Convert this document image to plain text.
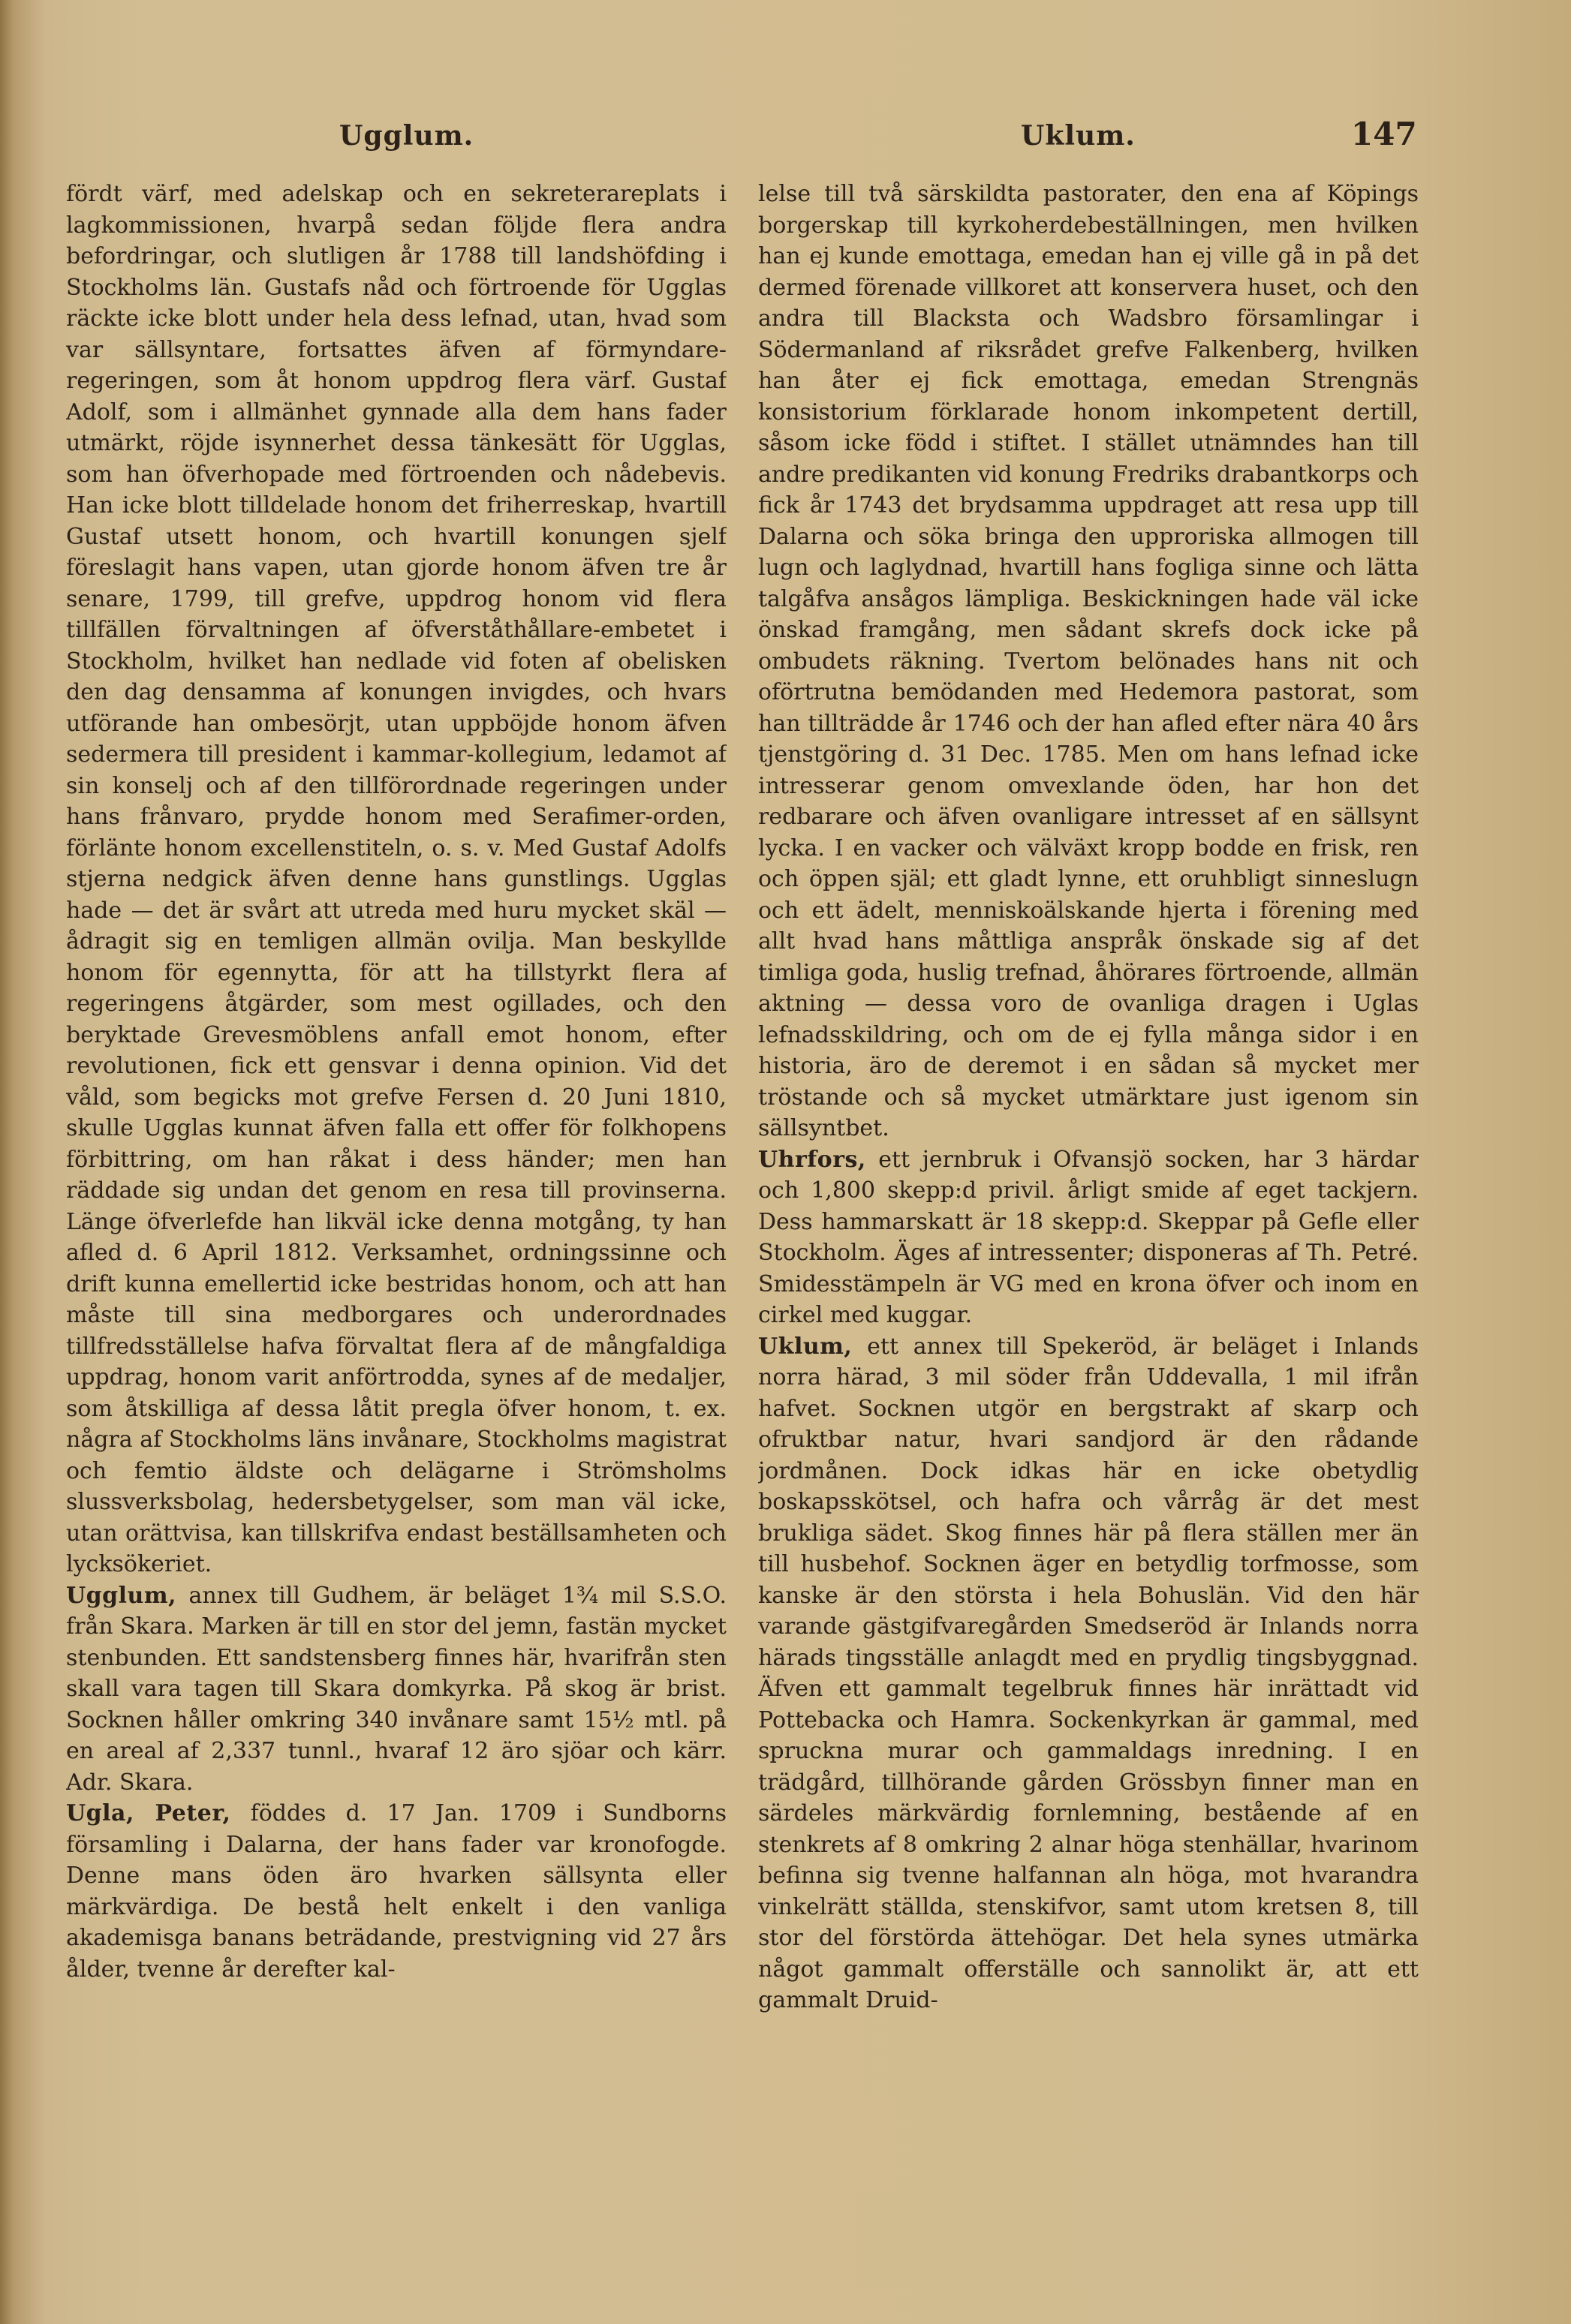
Ugglum.	Uklum.	147

fördt värf, med adelskap och en sekreterareplats i lagkommissionen, hvarpå sedan följde flera andra befordringar, och slutligen år 1788 till landshöfding i Stockholms län. Gustafs nåd och förtroende för Ugglas räckte icke blott under hela dess lefnad, utan, hvad som var sällsyntare, fortsattes äfven af förmyndare-regeringen, som åt honom uppdrog flera värf. Gustaf Adolf, som i allmänhet gynnade alla dem hans fader utmärkt, röjde isynnerhet dessa tänkesätt för Ugglas, som han öfverhopade med förtroenden och nådebevis. Han icke blott tilldelade honom det friherreskap, hvartill Gustaf utsett honom, och hvartill konungen sjelf föreslagit hans vapen, utan gjorde honom äfven tre år senare, 1799, till grefve, uppdrog honom vid flera tillfällen förvaltningen af öfverståthållare-embetet i Stockholm, hvilket han nedlade vid foten af obelisken den dag densamma af konungen invigdes, och hvars utförande han ombesörjt, utan uppböjde honom äfven sedermera till president i kammar-kollegium, ledamot af sin konselj och af den tillförordnade regeringen under hans frånvaro, prydde honom med Serafimer-orden, förlänte honom excellenstiteln, o. s. v. Med Gustaf Adolfs stjerna nedgick äfven denne hans gunstlings. Ugglas hade — det är svårt att utreda med huru mycket skäl — ådragit sig en temligen allmän ovilja. Man beskyllde honom för egennytta, för att ha tillstyrkt flera af regeringens åtgärder, som mest ogillades, och den beryktade Grevesmöblens anfall emot honom, efter revolutionen, fick ett gensvar i denna opinion. Vid det våld, som begicks mot grefve Fersen d. 20 Juni 1810, skulle Ugglas kunnat äfven falla ett offer för folkhopens förbittring, om han råkat i dess händer; men han räddade sig undan det genom en resa till provinserna. Länge öfverlefde han likväl icke denna motgång, ty han afled d. 6 April 1812. Verksamhet, ordningssinne och drift kunna emellertid icke bestridas honom, och att han måste till sina medborgares och underordnades tillfredsställelse hafva förvaltat flera af de mångfaldiga uppdrag, honom varit anförtrodda, synes af de medaljer, som åtskilliga af dessa låtit pregla öfver honom, t. ex. några af Stockholms läns invånare, Stockholms magistrat och femtio äldste och delägarne i Strömsholms slussverksbolag, hedersbetygelser, som man väl icke, utan orättvisa, kan tillskrifva endast beställsamheten och lycksökeriet.

Ugglum, annex till Gudhem, är beläget 1¾ mil S.S.O. från Skara. Marken är till en stor del jemn, fastän mycket stenbunden. Ett sandstensberg finnes här, hvarifrån sten skall vara tagen till Skara domkyrka. På skog är brist. Socknen håller omkring 340 invånare samt 15½ mtl. på en areal af 2,337 tunnl., hvaraf 12 äro sjöar och kärr. Adr. Skara.

Ugla, Peter, föddes d. 17 Jan. 1709 i Sundborns församling i Dalarna, der hans fader var kronofogde. Denne mans öden äro hvarken sällsynta eller märkvärdiga. De bestå helt enkelt i den vanliga akademisga banans beträdande, prestvigning vid 27 års ålder, tvenne år derefter kal-

lelse till två särskildta pastorater, den ena af Köpings borgerskap till kyrkoherdebeställningen, men hvilken han ej kunde emottaga, emedan han ej ville gå in på det dermed förenade villkoret att konservera huset, och den andra till Blacksta och Wadsbro församlingar i Södermanland af riksrådet grefve Falkenberg, hvilken han åter ej fick emottaga, emedan Strengnäs konsistorium förklarade honom inkompetent dertill, såsom icke född i stiftet. I stället utnämndes han till andre predikanten vid konung Fredriks drabantkorps och fick år 1743 det brydsamma uppdraget att resa upp till Dalarna och söka bringa den upproriska allmogen till lugn och laglydnad, hvartill hans fogliga sinne och lätta talgåfva ansågos lämpliga. Beskickningen hade väl icke önskad framgång, men sådant skrefs dock icke på ombudets räkning. Tvertom belönades hans nit och oförtrutna bemödanden med Hedemora pastorat, som han tillträdde år 1746 och der han afled efter nära 40 års tjenstgöring d. 31 Dec. 1785. Men om hans lefnad icke intresserar genom omvexlande öden, har hon det redbarare och äfven ovanligare intresset af en sällsynt lycka. I en vacker och välväxt kropp bodde en frisk, ren och öppen själ; ett gladt lynne, ett oruhbligt sinneslugn och ett ädelt, menniskoälskande hjerta i förening med allt hvad hans måttliga anspråk önskade sig af det timliga goda, huslig trefnad, åhörares förtroende, allmän aktning — dessa voro de ovanliga dragen i Uglas lefnadsskildring, och om de ej fylla många sidor i en historia, äro de deremot i en sådan så mycket mer tröstande och så mycket utmärktare just igenom sin sällsyntbet.

Uhrfors, ett jernbruk i Ofvansjö socken, har 3 härdar och 1,800 skepp:d privil. årligt smide af eget tackjern. Dess hammarskatt är 18 skepp:d. Skeppar på Gefle eller Stockholm. Äges af intressenter; disponeras af Th. Petré. Smidesstämpeln är VG med en krona öfver och inom en cirkel med kuggar.

Uklum, ett annex till Spekeröd, är beläget i Inlands norra härad, 3 mil söder från Uddevalla, 1 mil ifrån hafvet. Socknen utgör en bergstrakt af skarp och ofruktbar natur, hvari sandjord är den rådande jordmånen. Dock idkas här en icke obetydlig boskapsskötsel, och hafra och vårråg är det mest brukliga sädet. Skog finnes här på flera ställen mer än till husbehof. Socknen äger en betydlig torfmosse, som kanske är den största i hela Bohuslän. Vid den här varande gästgifvaregården Smedseröd är Inlands norra härads tingsställe anlagdt med en prydlig tingsbyggnad. Äfven ett gammalt tegelbruk finnes här inrättadt vid Pottebacka och Hamra. Sockenkyrkan är gammal, med spruckna murar och gammaldags inredning. I en trädgård, tillhörande gården Grössbyn finner man en särdeles märkvärdig fornlemning, bestående af en stenkrets af 8 omkring 2 alnar höga stenhällar, hvarinom befinna sig tvenne halfannan aln höga, mot hvarandra vinkelrätt ställda, stenskifvor, samt utom kretsen 8, till stor del förstörda ättehögar. Det hela synes utmärka något gammalt offerställe och sannolikt är, att ett gammalt Druid-
